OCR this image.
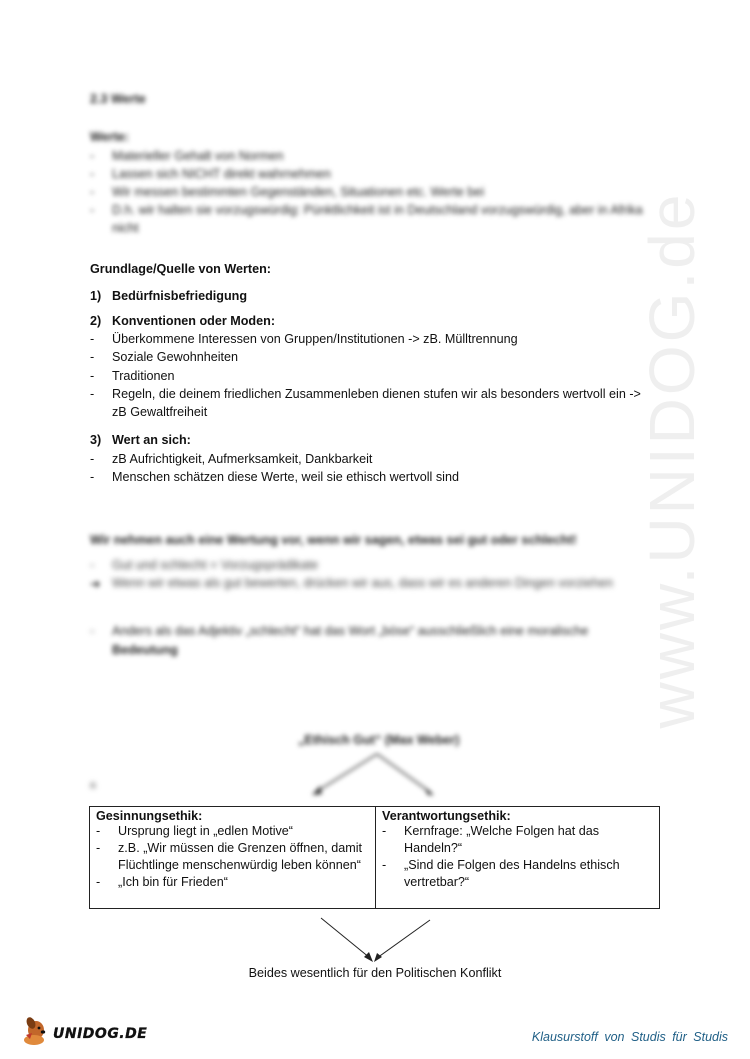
www.UNIDOG.de
2.3 Werte
Werte:
- Materieller Gehalt von Normen
- Lassen sich NICHT direkt wahrnehmen
- Wir messen bestimmten Gegenständen, Situationen etc. Werte bei
- D.h. wir halten sie vorzugswürdig: Pünktlichkeit ist in Deutschland vorzugswürdig, aber in Afrika
nicht
Grundlage/Quelle von Werten:
1) Bedürfnisbefriedigung
2) Konventionen oder Moden:
- Überkommene Interessen von Gruppen/Institutionen -> zB. Mülltrennung
- Soziale Gewohnheiten
- Traditionen
- Regeln, die deinem friedlichen Zusammenleben dienen stufen wir als besonders wertvoll ein ->
zB Gewaltfreiheit
3) Wert an sich:
- zB Aufrichtigkeit, Aufmerksamkeit, Dankbarkeit
- Menschen schätzen diese Werte, weil sie ethisch wertvoll sind
Wir nehmen auch eine Wertung vor, wenn wir sagen, etwas sei gut oder schlecht!
- Gut und schlecht = Vorzugsprädikate
➔ Wenn wir etwas als gut bewerten, drücken wir aus, dass wir es anderen Dingen vorziehen
- Anders als das Adjektiv „schlecht“ hat das Wort „böse“ ausschließlich eine moralische
Bedeutung
„Ethisch Gut“ (Max Weber)
a
Gesinnungsethik:
- Ursprung liegt in „edlen Motive“
- z.B. „Wir müssen die Grenzen öffnen, damit
Flüchtlinge menschenwürdig leben können“
- „Ich bin für Frieden“

Verantwortungsethik:
- Kernfrage: „Welche Folgen hat das
Handeln?“
- „Sind die Folgen des Handelns ethisch
vertretbar?“
Beides wesentlich für den Politischen Konflikt
UNIDOG.DE	Klausurstoff von Studis für Studis
